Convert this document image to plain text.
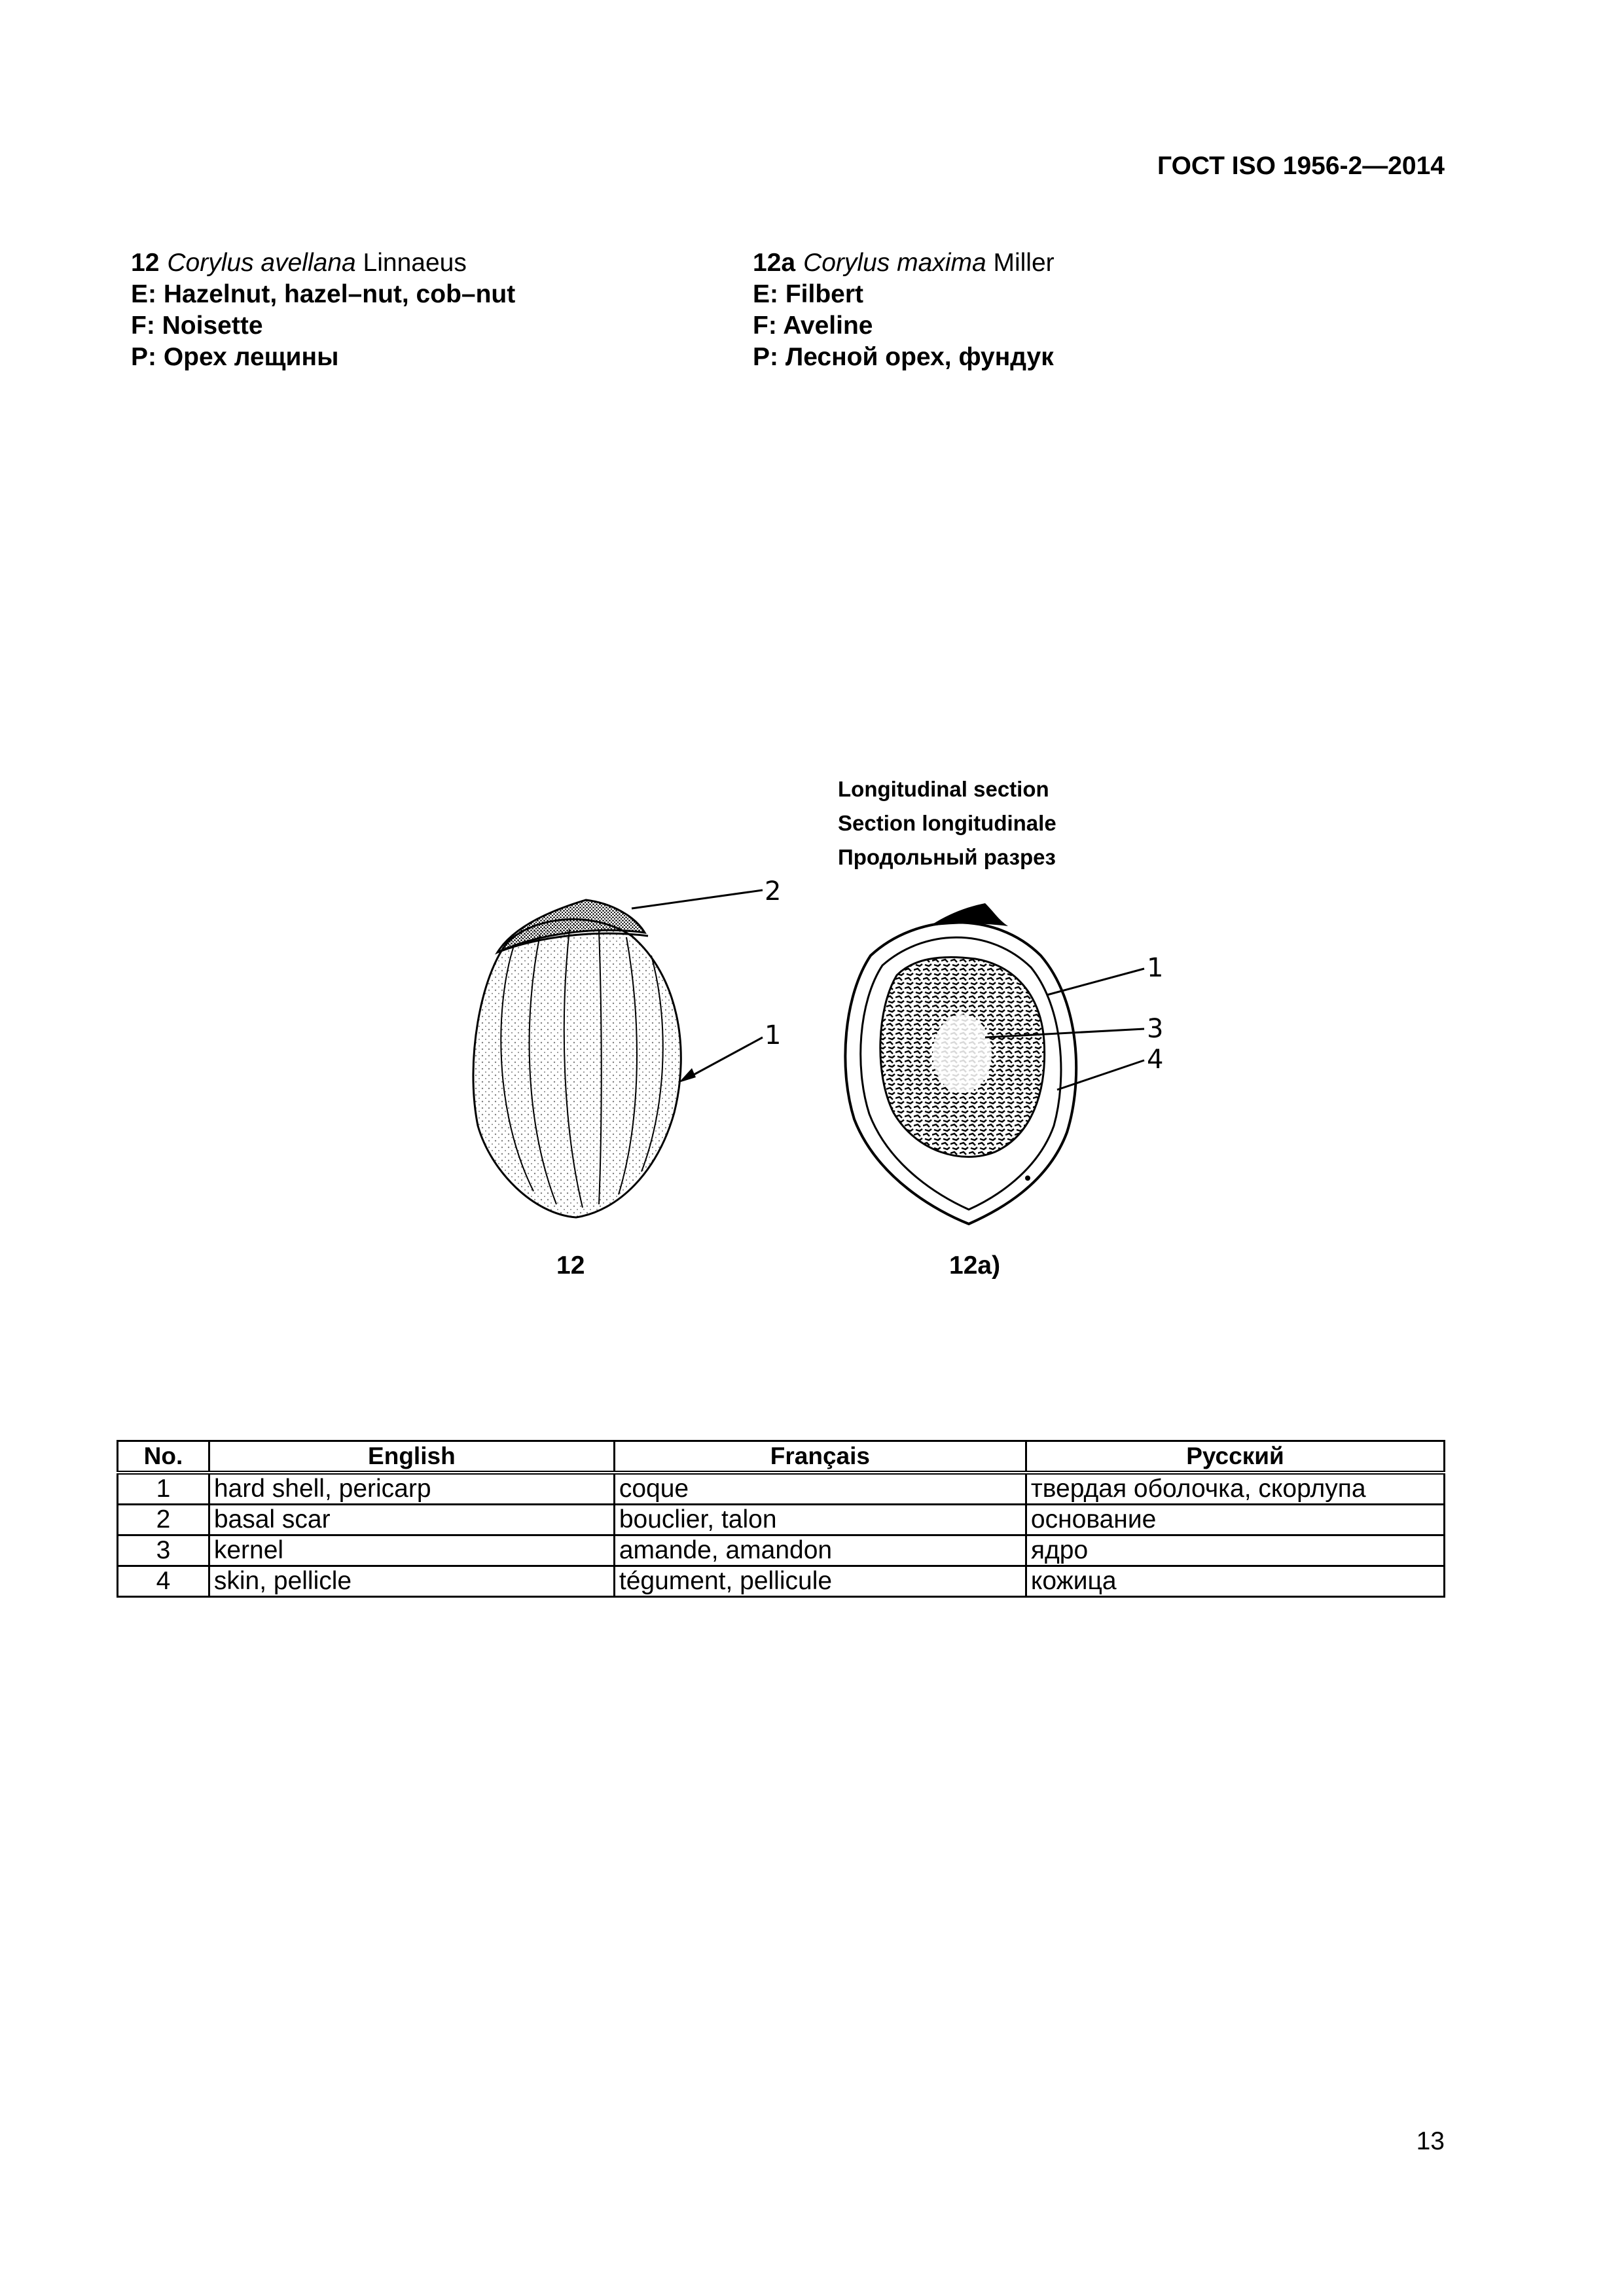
ГОСТ ISO 1956-2—2014
12 Corylus avellana Linnaeus
E: Hazelnut, hazel–nut, cob–nut
F: Noisette
P: Орех лещины
12a Corylus maxima Miller
E: Filbert
F: Aveline
P: Лесной орех, фундук
Longitudinal section
Section longitudinale
Продольный разрез
2
1
1
3
4
12	12a)
No.	English	Français	Русский
1	hard shell, pericarp	coque	твердая оболочка, скорлупа
2	basal scar	bouclier, talon	основание
3	kernel	amande, amandon	ядро
4	skin, pellicle	tégument, pellicule	кожица
13
